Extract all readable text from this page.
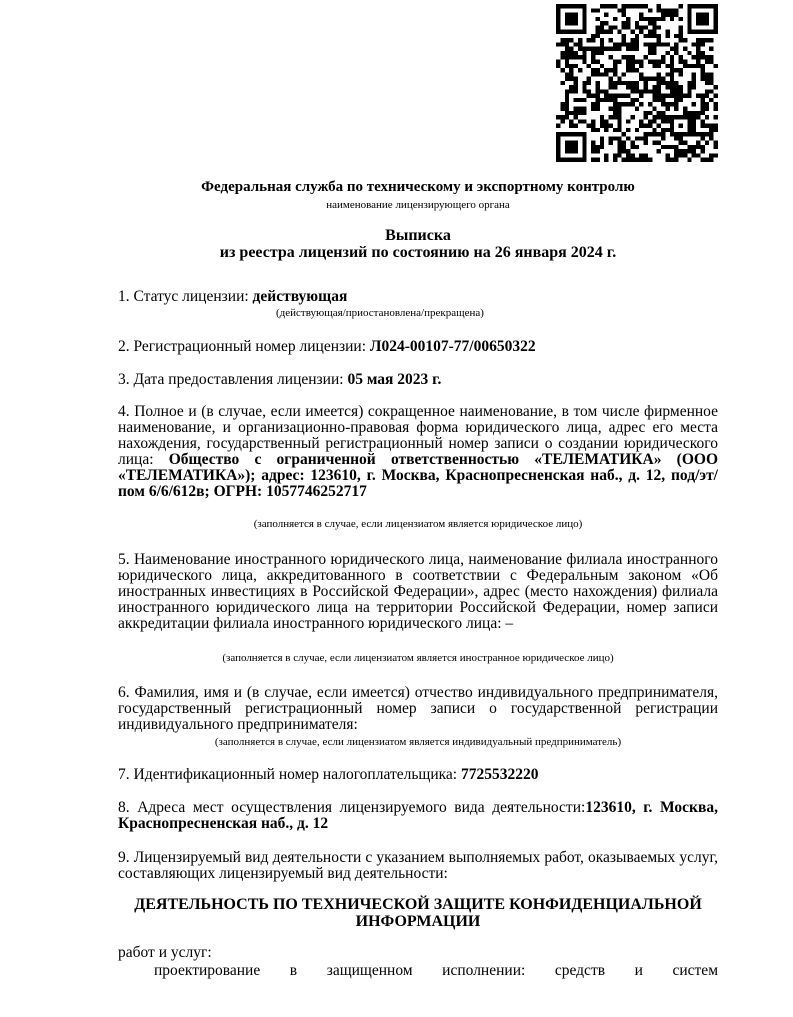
Федеральная служба по техническому и экспортному контролю
наименование лицензирующего органа
Выписка
из реестра лицензий по состоянию на 26 января 2024 г.
1. Статус лицензии: действующая
(действующая/приостановлена/прекращена)
2. Регистрационный номер лицензии: Л024-00107-77/00650322
3. Дата предоставления лицензии: 05 мая 2023 г.
4. Полное и (в случае, если имеется) сокращенное наименование, в том числе фирменное наименование, и организационно-правовая форма юридического лица, адрес его места нахождения, государственный регистрационный номер записи о создании юридического лица: Общество с ограниченной ответственностью «ТЕЛЕМАТИКА» (ООО «ТЕЛЕМАТИКА»); адрес: 123610, г. Москва, Краснопресненская наб., д. 12, под/эт/пом 6/6/612в; ОГРН: 1057746252717
(заполняется в случае, если лицензиатом является юридическое лицо)
5. Наименование иностранного юридического лица, наименование филиала иностранного юридического лица, аккредитованного в соответствии с Федеральным законом «Об иностранных инвестициях в Российской Федерации», адрес (место нахождения) филиала иностранного юридического лица на территории Российской Федерации, номер записи аккредитации филиала иностранного юридического лица: –
(заполняется в случае, если лицензиатом является иностранное юридическое лицо)
6. Фамилия, имя и (в случае, если имеется) отчество индивидуального предпринимателя, государственный регистрационный номер записи о государственной регистрации индивидуального предпринимателя:
(заполняется в случае, если лицензиатом является индивидуальный предприниматель)
7. Идентификационный номер налогоплательщика: 7725532220
8. Адреса мест осуществления лицензируемого вида деятельности:123610, г. Москва, Краснопресненская наб., д. 12
9. Лицензируемый вид деятельности с указанием выполняемых работ, оказываемых услуг, составляющих лицензируемый вид деятельности:
ДЕЯТЕЛЬНОСТЬ ПО ТЕХНИЧЕСКОЙ ЗАЩИТЕ КОНФИДЕНЦИАЛЬНОЙ ИНФОРМАЦИИ
работ и услуг:
проектирование в защищенном исполнении: средств и систем
